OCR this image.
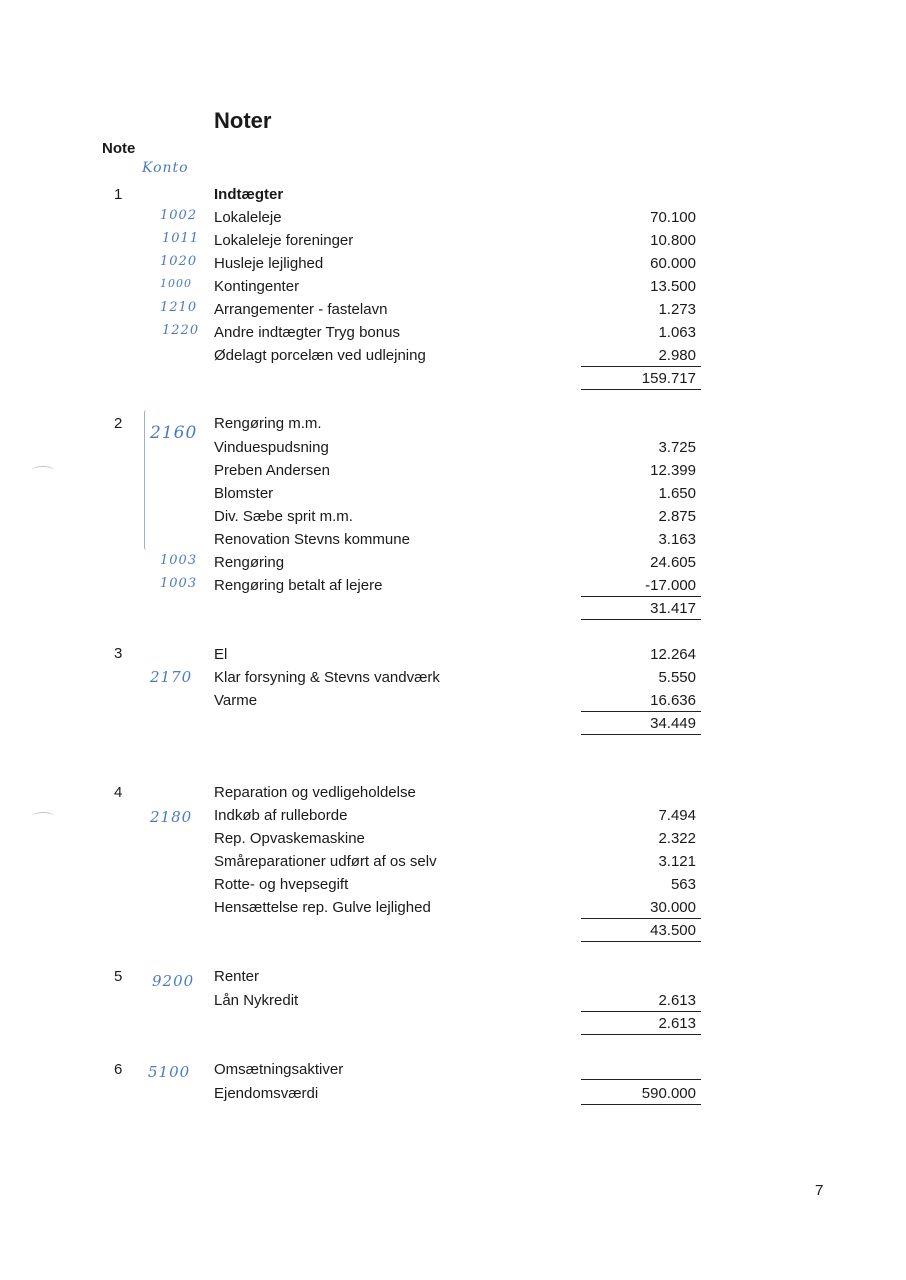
Noter
Note
Konto
1	Indtægter
1002 Lokaleleje	70.100
1011 Lokaleleje foreninger	10.800
1020 Husleje lejlighed	60.000
1000 Kontingenter	13.500
1210 Arrangementer - fastelavn	1.273
1220 Andre indtægter Tryg bonus	1.063
Ødelagt porcelæn ved udlejning	2.980
159.717
2 2160 Rengøring m.m.
Vinduespudsning	3.725
Preben Andersen	12.399
Blomster	1.650
Div. Sæbe sprit m.m.	2.875
Renovation Stevns kommune	3.163
1003 Rengøring	24.605
1003 Rengøring betalt af lejere	-17.000
31.417
3	El	12.264
2170 Klar forsyning & Stevns vandværk	5.550
Varme	16.636
34.449
4	Reparation og vedligeholdelse
2180 Indkøb af rulleborde	7.494
Rep. Opvaskemaskine	2.322
Småreparationer udført af os selv	3.121
Rotte- og hvepsegift	563
Hensættelse rep. Gulve lejlighed	30.000
43.500
5 9200 Renter
Lån Nykredit	2.613
2.613
6 5100 Omsætningsaktiver
Ejendomsværdi	590.000
7
